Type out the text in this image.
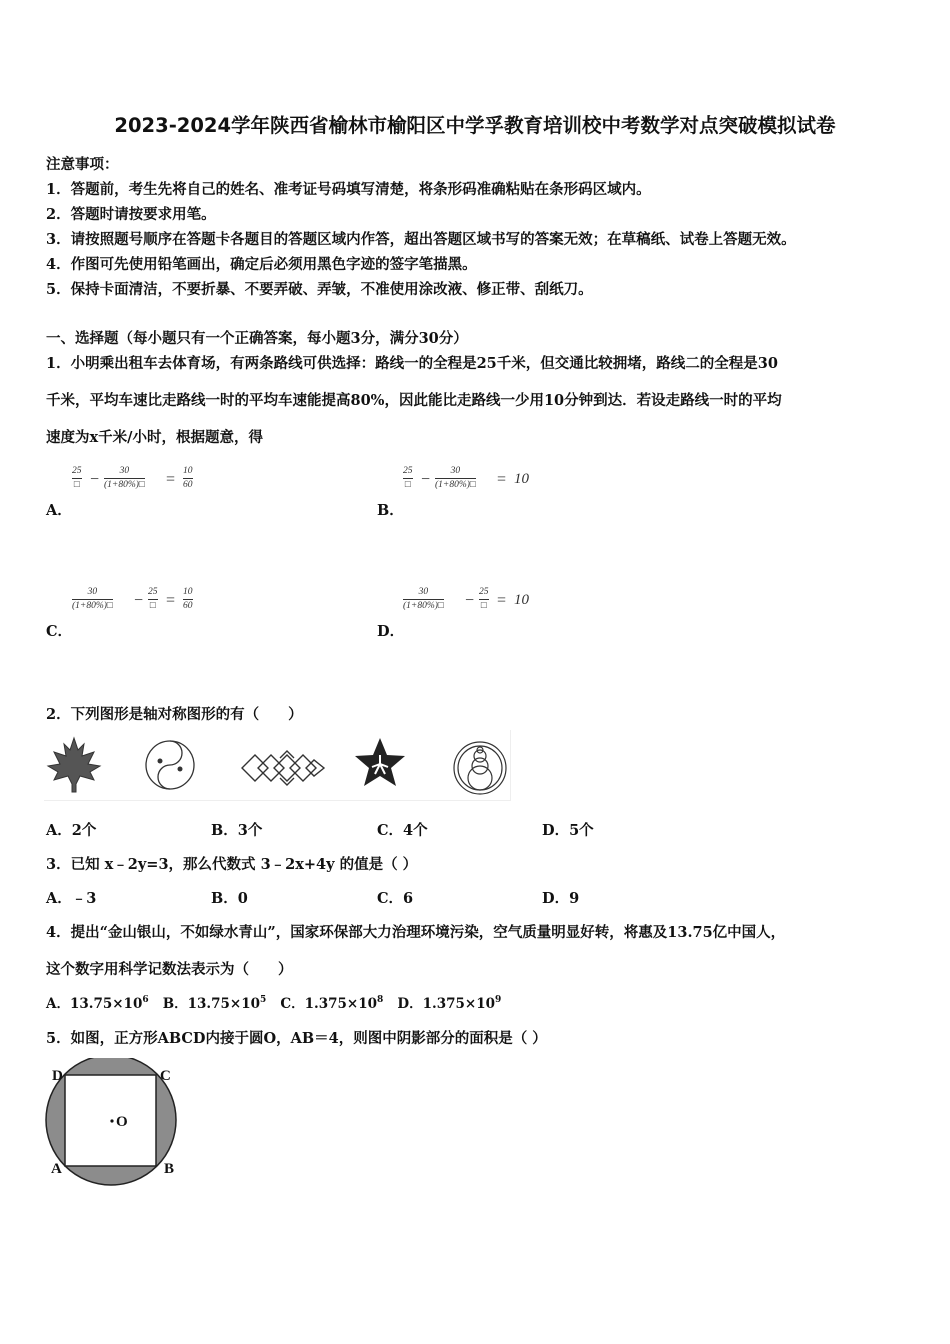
2023-2024学年陕西省榆林市榆阳区中学孚教育培训校中考数学对点突破模拟试卷
注意事项：
1．答题前，考生先将自己的姓名、准考证号码填写清楚，将条形码准确粘贴在条形码区域内。
2．答题时请按要求用笔。
3．请按照题号顺序在答题卡各题目的答题区域内作答，超出答题区域书写的答案无效；在草稿纸、试卷上答题无效。
4．作图可先使用铅笔画出，确定后必须用黑色字迹的签字笔描黑。
5．保持卡面清洁，不要折暴、不要弄破、弄皱，不准使用涂改液、修正带、刮纸刀。
一、选择题（每小题只有一个正确答案，每小题3分，满分30分）
1．小明乘出租车去体育场，有两条路线可供选择：路线一的全程是25千米，但交通比较拥堵，路线二的全程是30
千米，平均车速比走路线一时的平均车速能提高80%，因此能比走路线一少用10分钟到达．若设走路线一时的平均
速度为x千米/小时，根据题意，得
25
□ −	30
(1+80%)□ = 10
60
A．
25
□ −	30
(1+80%)□ = 10
B．
30
(1+80%)□ − 25
□ = 10
60
C．
30
(1+80%)□ − 25
□ = 10
D．
2．下列图形是轴对称图形的有（　　）
A．2个	B．3个	C．4个	D．5个
3．已知 x﹣2y=3，那么代数式 3﹣2x+4y 的值是（ ）
A．﹣3	B．0	C．6	D．9
4．提出“金山银山，不如绿水青山”，国家环保部大力治理环境污染，空气质量明显好转，将惠及13.75亿中国人，
这个数字用科学记数法表示为（　　）
A．$13.75\times 10^6$ B．$13.75\times 10^5$ C．$1.375\times 10^8$ D．$1.375\times 10^9$
5．如图，正方形ABCD内接于圆O，AB＝4，则图中阴影部分的面积是（ ）
O
D	C
A	B
